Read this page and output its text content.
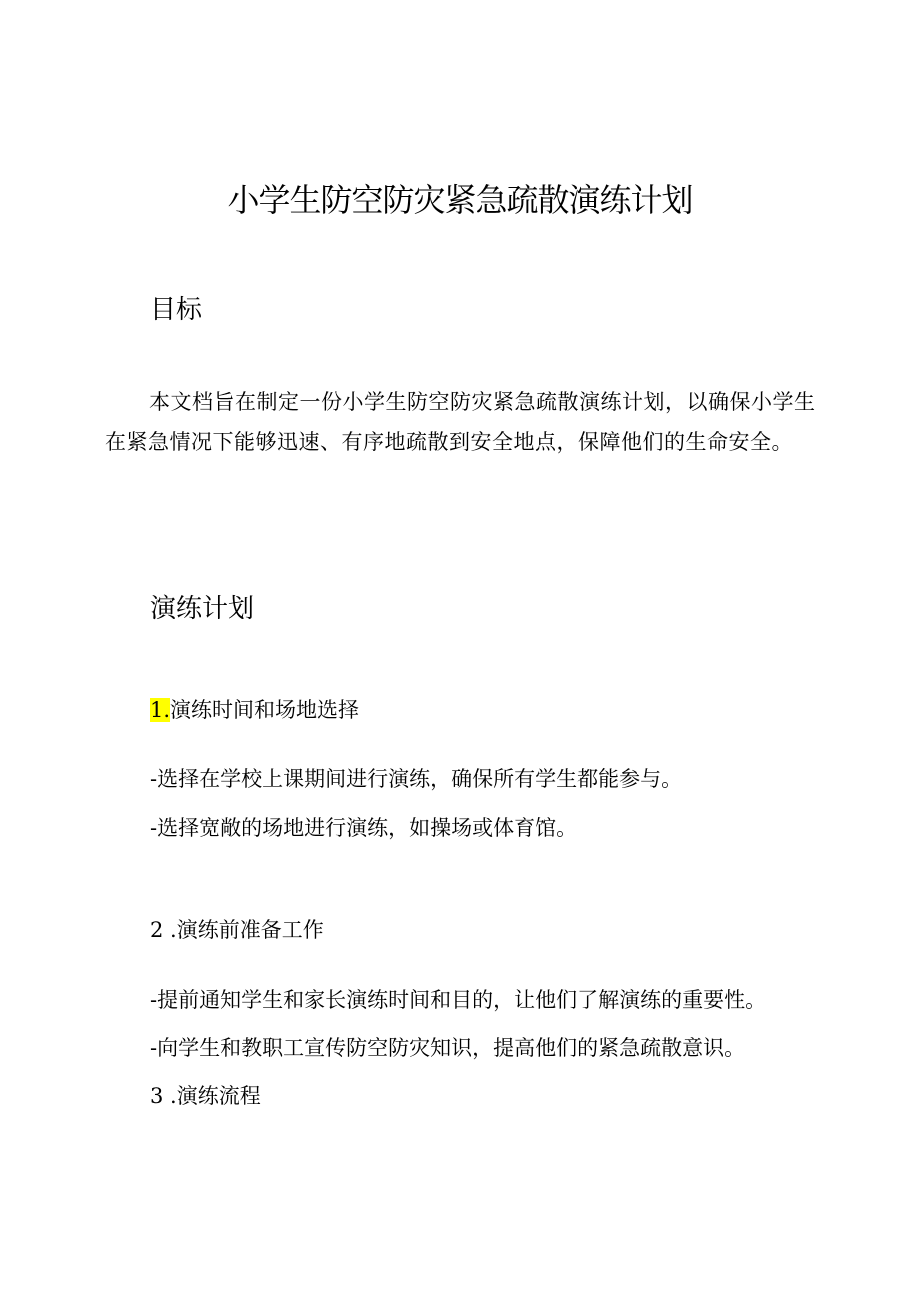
小学生防空防灾紧急疏散演练计划
目标

本文档旨在制定一份小学生防空防灾紧急疏散演练计划，以确保小学生在紧急情况下能够迅速、有序地疏散到安全地点，保障他们的生命安全。

演练计划

1.演练时间和场地选择

-选择在学校上课期间进行演练，确保所有学生都能参与。

-选择宽敞的场地进行演练，如操场或体育馆。

2 .演练前准备工作

-提前通知学生和家长演练时间和目的，让他们了解演练的重要性。

-向学生和教职工宣传防空防灾知识，提高他们的紧急疏散意识。

3 .演练流程
